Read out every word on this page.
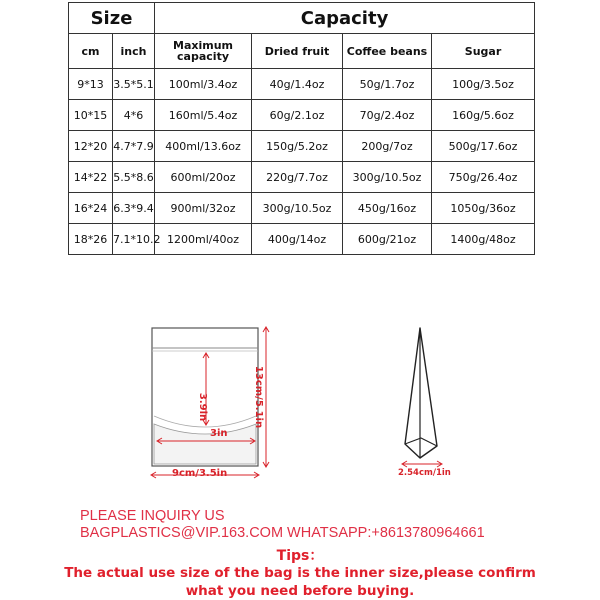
Size		Capacity			
cm	inch	Maximum capacity	Dried fruit	Coffee beans	Sugar
9*13	3.5*5.1	100ml/3.4oz	40g/1.4oz	50g/1.7oz	100g/3.5oz
10*15	4*6	160ml/5.4oz	60g/2.1oz	70g/2.4oz	160g/5.6oz
12*20	4.7*7.9	400ml/13.6oz	150g/5.2oz	200g/7oz	500g/17.6oz
14*22	5.5*8.6	600ml/20oz	220g/7.7oz	300g/10.5oz	750g/26.4oz
16*24	6.3*9.4	900ml/32oz	300g/10.5oz	450g/16oz	1050g/36oz
18*26	7.1*10.2	1200ml/40oz	400g/14oz	600g/21oz	1400g/48oz
13cm/5.1in
3.9in
3in
9cm/3.5in	2.54cm/1in
PLEASE INQUIRY US
BAGPLASTICS@VIP.163.COM WHATSAPP:+8613780964661
Tips：
The actual use size of the bag is the inner size,please confirm
what you need before buying.
